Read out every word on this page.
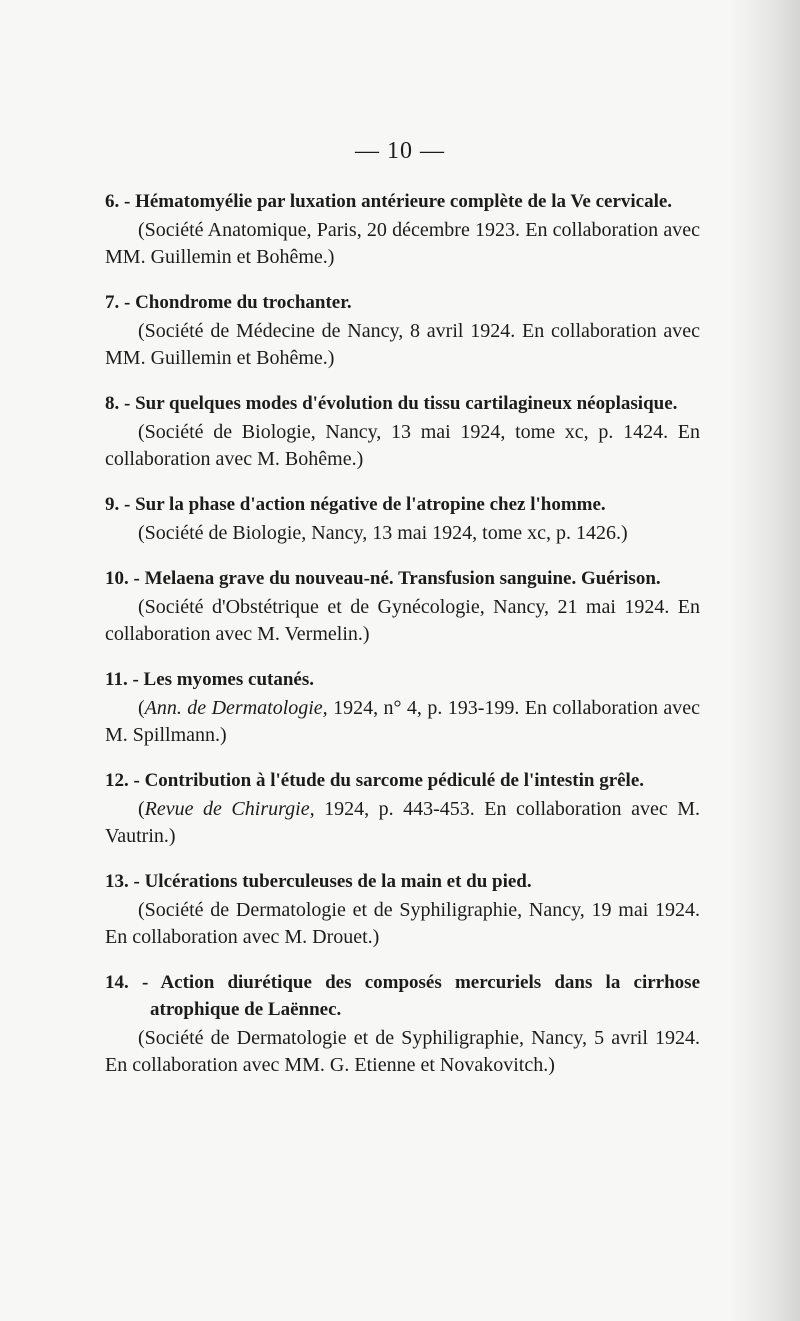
— 10 —
6. - Hématomyélie par luxation antérieure complète de la Ve cervicale.
(Société Anatomique, Paris, 20 décembre 1923. En collaboration avec MM. Guillemin et Bohême.)
7. - Chondrome du trochanter.
(Société de Médecine de Nancy, 8 avril 1924. En collaboration avec MM. Guillemin et Bohême.)
8. - Sur quelques modes d'évolution du tissu cartilagineux néoplasique.
(Société de Biologie, Nancy, 13 mai 1924, tome xc, p. 1424. En collaboration avec M. Bohême.)
9. - Sur la phase d'action négative de l'atropine chez l'homme.
(Société de Biologie, Nancy, 13 mai 1924, tome xc, p. 1426.)
10. - Melaena grave du nouveau-né. Transfusion sanguine. Guérison.
(Société d'Obstétrique et de Gynécologie, Nancy, 21 mai 1924. En collaboration avec M. Vermelin.)
11. - Les myomes cutanés.
(Ann. de Dermatologie, 1924, n° 4, p. 193-199. En collaboration avec M. Spillmann.)
12. - Contribution à l'étude du sarcome pédiculé de l'intestin grêle.
(Revue de Chirurgie, 1924, p. 443-453. En collaboration avec M. Vautrin.)
13. - Ulcérations tuberculeuses de la main et du pied.
(Société de Dermatologie et de Syphiligraphie, Nancy, 19 mai 1924. En collaboration avec M. Drouet.)
14. - Action diurétique des composés mercuriels dans la cirrhose atrophique de Laënnec.
(Société de Dermatologie et de Syphiligraphie, Nancy, 5 avril 1924. En collaboration avec MM. G. Etienne et Novakovitch.)
